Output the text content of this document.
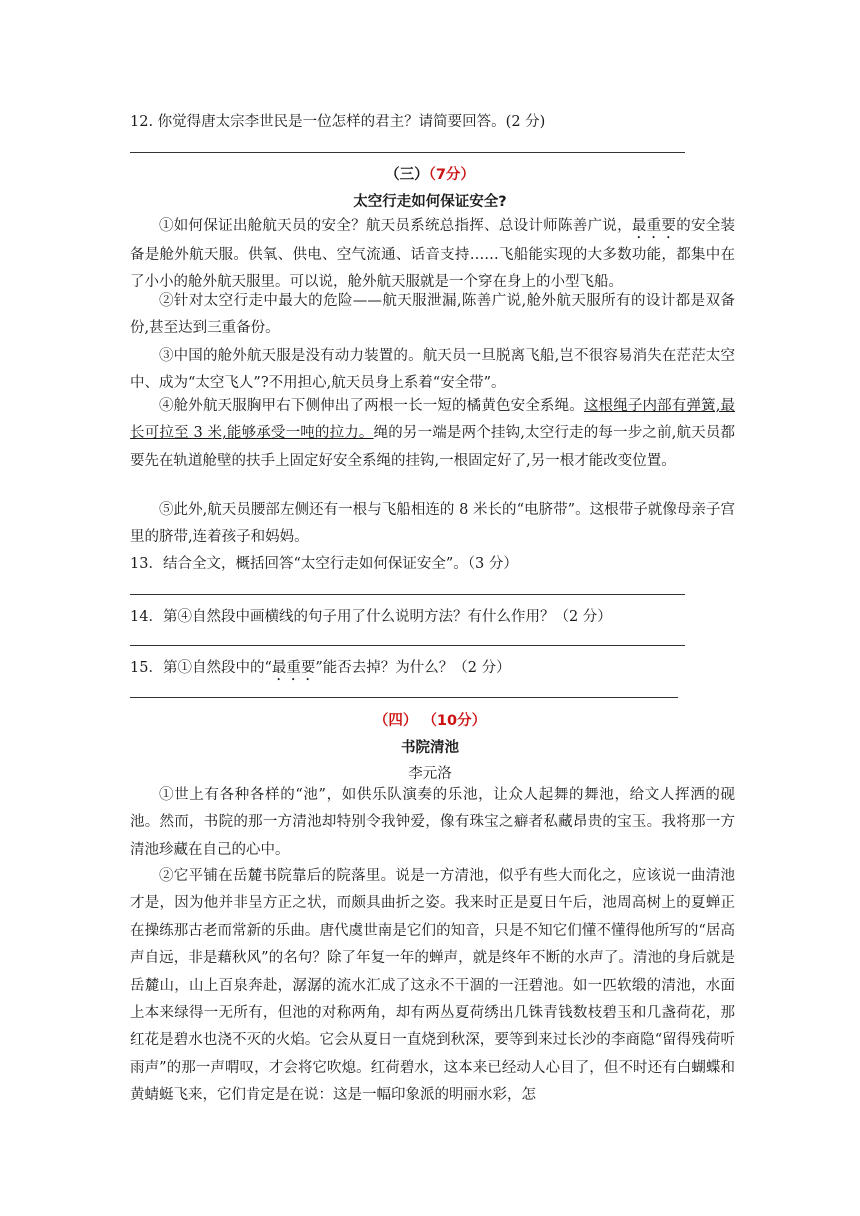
12. 你觉得唐太宗李世民是一位怎样的君主？请简要回答。(2 分)
（三）（7分）
太空行走如何保证安全?
①如何保证出舱航天员的安全？航天员系统总指挥、总设计师陈善广说，最重要的安全装备是舱外航天服。供氧、供电、空气流通、话音支持……飞船能实现的大多数功能，都集中在了小小的舱外航天服里。可以说，舱外航天服就是一个穿在身上的小型飞船。
②针对太空行走中最大的危险——航天服泄漏,陈善广说,舱外航天服所有的设计都是双备份,甚至达到三重备份。
③中国的舱外航天服是没有动力装置的。航天员一旦脱离飞船,岂不很容易消失在茫茫太空中、成为“太空飞人”?不用担心,航天员身上系着“安全带”。
④舱外航天服胸甲右下侧伸出了两根一长一短的橘黄色安全系绳。这根绳子内部有弹簧,最长可拉至 3 米,能够承受一吨的拉力。绳的另一端是两个挂钩,太空行走的每一步之前,航天员都要先在轨道舱壁的扶手上固定好安全系绳的挂钩,一根固定好了,另一根才能改变位置。
⑤此外,航天员腰部左侧还有一根与飞船相连的 8 米长的“电脐带”。这根带子就像母亲子宫里的脐带,连着孩子和妈妈。
13．结合全文，概括回答“太空行走如何保证安全”。（3 分）
14．第④自然段中画横线的句子用了什么说明方法？有什么作用？（2 分）
15．第①自然段中的“最重要”能否去掉？为什么？（2 分）
（四） （10分）
书院清池
李元洛
①世上有各种各样的“池”，如供乐队演奏的乐池，让众人起舞的舞池，给文人挥洒的砚池。然而，书院的那一方清池却特别令我钟爱，像有珠宝之癖者私藏昂贵的宝玉。我将那一方清池珍藏在自己的心中。
②它平铺在岳麓书院靠后的院落里。说是一方清池，似乎有些大而化之，应该说一曲清池才是，因为他并非呈方正之状，而颇具曲折之姿。我来时正是夏日午后，池周高树上的夏蝉正在操练那古老而常新的乐曲。唐代虞世南是它们的知音，只是不知它们懂不懂得他所写的“居高声自远，非是藉秋风”的名句？除了年复一年的蝉声，就是终年不断的水声了。清池的身后就是岳麓山，山上百泉奔赴，潺潺的流水汇成了这永不干涸的一汪碧池。如一匹软缎的清池，水面上本来绿得一无所有，但池的对称两角，却有两丛夏荷绣出几铢青钱数枝碧玉和几盏荷花，那红花是碧水也浇不灭的火焰。它会从夏日一直烧到秋深，要等到来过长沙的李商隐“留得残荷听雨声”的那一声喟叹，才会将它吹熄。红荷碧水，这本来已经动人心目了，但不时还有白蝴蝶和黄蜻蜓飞来，它们肯定是在说：这是一幅印象派的明丽水彩，怎
